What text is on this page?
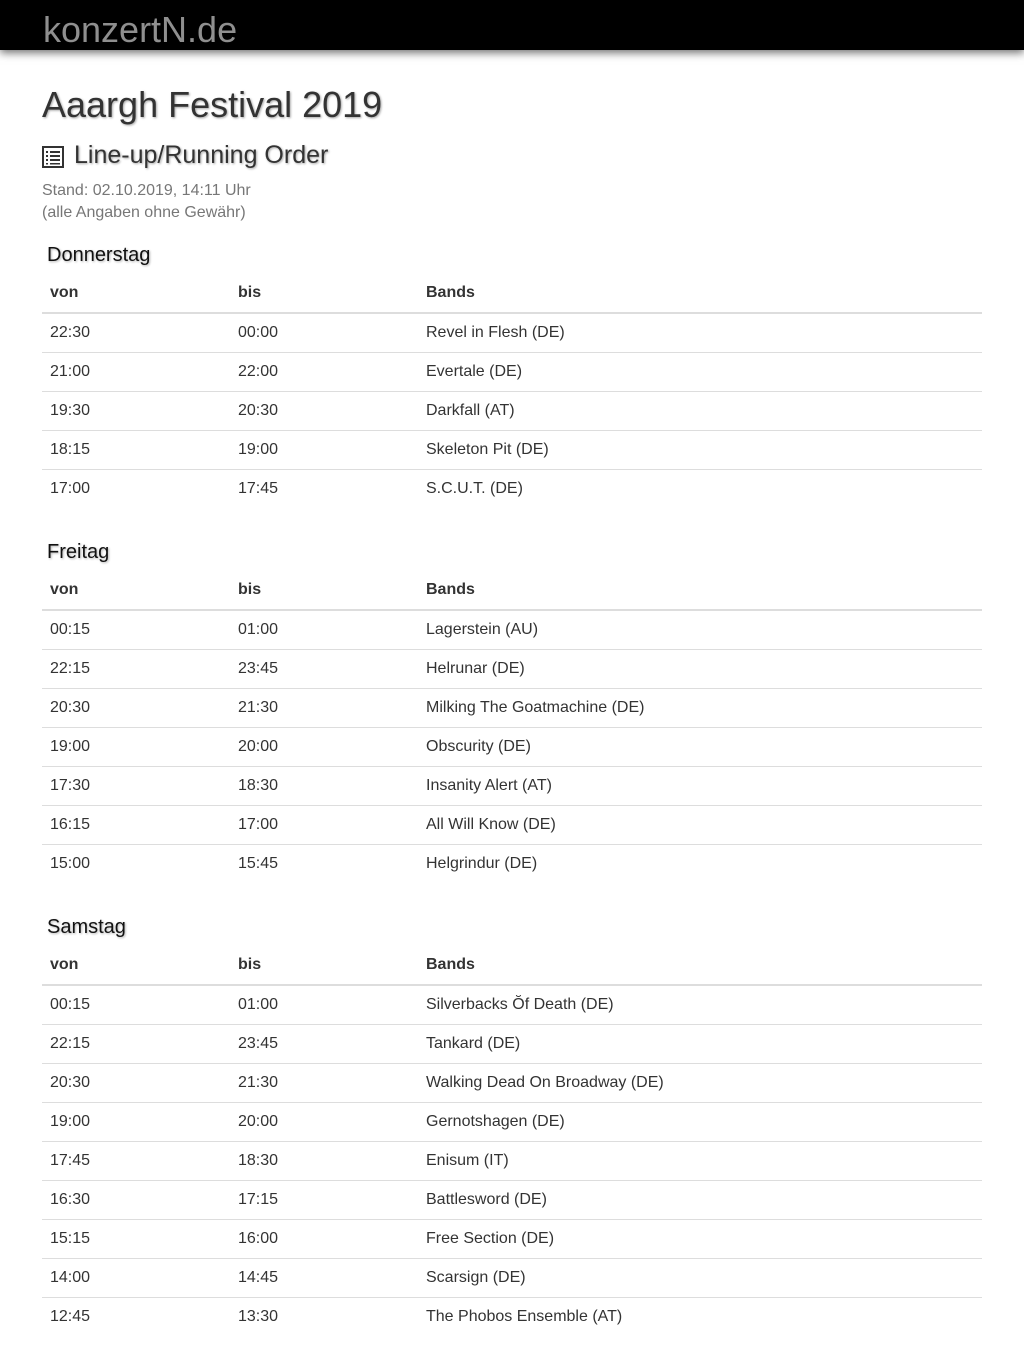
konzertN.de
Aaargh Festival 2019
Line-up/Running Order
Stand: 02.10.2019, 14:11 Uhr
(alle Angaben ohne Gewähr)
Donnerstag
von	bis	Bands
22:30	00:00	Revel in Flesh (DE)
21:00	22:00	Evertale (DE)
19:30	20:30	Darkfall (AT)
18:15	19:00	Skeleton Pit (DE)
17:00	17:45	S.C.U.T. (DE)
Freitag
von	bis	Bands
00:15	01:00	Lagerstein (AU)
22:15	23:45	Helrunar (DE)
20:30	21:30	Milking The Goatmachine (DE)
19:00	20:00	Obscurity (DE)
17:30	18:30	Insanity Alert (AT)
16:15	17:00	All Will Know (DE)
15:00	15:45	Helgrindur (DE)
Samstag
von	bis	Bands
00:15	01:00	Silverbacks Ŏf Death (DE)
22:15	23:45	Tankard (DE)
20:30	21:30	Walking Dead On Broadway (DE)
19:00	20:00	Gernotshagen (DE)
17:45	18:30	Enisum (IT)
16:30	17:15	Battlesword (DE)
15:15	16:00	Free Section (DE)
14:00	14:45	Scarsign (DE)
12:45	13:30	The Phobos Ensemble (AT)
